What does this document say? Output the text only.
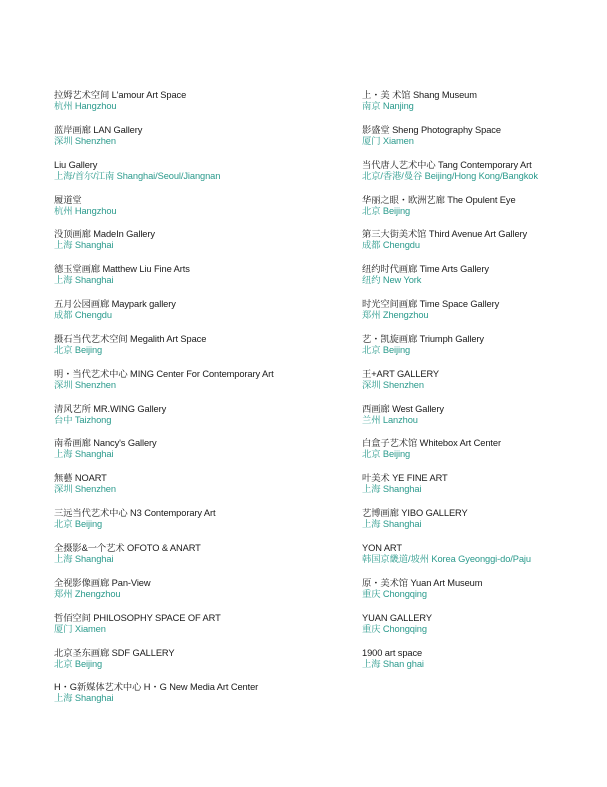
拉姆艺术空间 L'amour Art Space
杭州 Hangzhou
蓝岸画廊 LAN Gallery
深圳 Shenzhen
Liu Gallery
上海/首尔/江南 Shanghai/Seoul/Jiangnan
履道堂
杭州 Hangzhou
没顶画廊 MadeIn Gallery
上海 Shanghai
德玉堂画廊 Matthew Liu Fine Arts
上海 Shanghai
五月公园画廊 Maypark gallery
成都 Chengdu
摄石当代艺术空间 Megalith Art Space
北京 Beijing
明・当代艺术中心 MING Center For Contemporary Art
深圳 Shenzhen
清风艺所 MR.WING Gallery
台中 Taizhong
南希画廊 Nancy's Gallery
上海 Shanghai
無藝 NOART
深圳 Shenzhen
三远当代艺术中心 N3 Contemporary Art
北京 Beijing
全摄影&一个艺术 OFOTO & ANART
上海 Shanghai
全视影像画廊 Pan-View
郑州 Zhengzhou
哲佰空间 PHILOSOPHY SPACE OF ART
厦门 Xiamen
北京圣东画廊 SDF GALLERY
北京 Beijing
H・G新媒体艺术中心 H・G New Media Art Center
上海 Shanghai
上・美 术馆 Shang Museum
南京 Nanjing
影盛堂 Sheng Photography Space
厦门 Xiamen
当代唐人艺术中心 Tang Contemporary Art
北京/香港/曼谷 Beijing/Hong Kong/Bangkok
华丽之眼・欧洲艺廊 The Opulent Eye
北京 Beijing
第三大街美术馆 Third Avenue Art Gallery
成都 Chengdu
纽约时代画廊 Time Arts Gallery
纽约 New York
时光空间画廊 Time Space Gallery
郑州 Zhengzhou
艺・凯旋画廊 Triumph Gallery
北京 Beijing
王+ART GALLERY
深圳 Shenzhen
西画廊 West Gallery
兰州 Lanzhou
白盒子艺术馆 Whitebox Art Center
北京 Beijing
叶美术 YE FINE ART
上海 Shanghai
艺博画廊 YIBO GALLERY
上海 Shanghai
YON ART
韩国京畿道/坡州 Korea Gyeonggi-do/Paju
原・美术馆 Yuan Art Museum
重庆 Chongqing
YUAN GALLERY
重庆 Chongqing
1900 art space
上海 Shan ghai
